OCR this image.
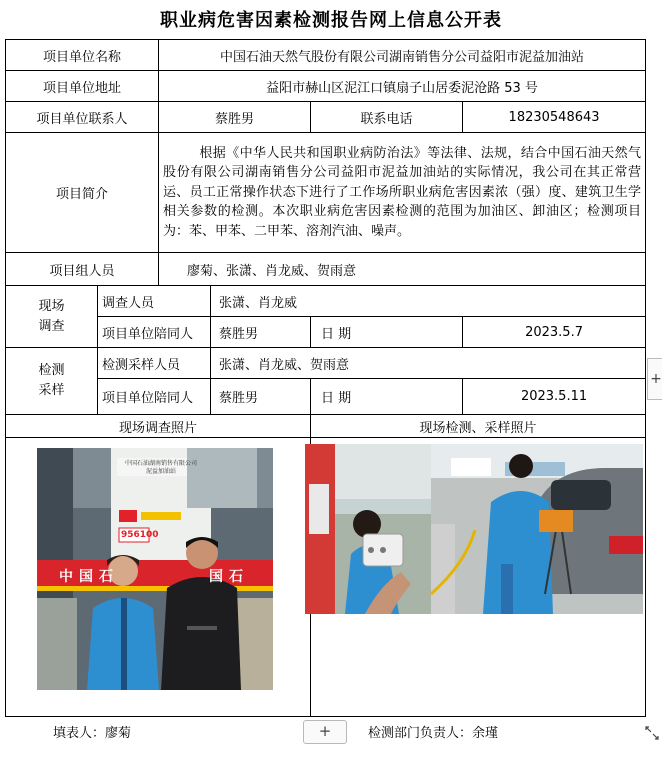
职业病危害因素检测报告网上信息公开表
项目单位名称		中国石油天然气股份有限公司湖南销售分公司益阳市泥益加油站			
项目单位地址		益阳市赫山区泥江口镇扇子山居委泥沧路 53 号			
项目单位联系人		蔡胜男		联系电话	18230548643
项目简介		根据《中华人民共和国职业病防治法》等法律、法规，结合中国石油天然气股份有限公司湖南销售分公司益阳市泥益加油站的实际情况，我公司在其正常营运、员工正常操作状态下进行了工作场所职业病危害因素浓（强）度、建筑卫生学相关参数的检测。本次职业病危害因素检测的范围为加油区、卸油区；检测项目为：苯、甲苯、二甲苯、溶剂汽油、噪声。			
项目组人员		廖菊、张潇、肖龙威、贺雨意			
现场调查	调查人员		张潇、肖龙威		
	项目单位陪同人		蔡胜男	日 期	2023.5.7
检测采样	检测采样人员		张潇、肖龙威、贺雨意		
	项目单位陪同人		蔡胜男	日 期	2023.5.11
现场调查照片				现场检测、采样照片	

中国石	国石
956100
中国石油湖南销售有限公司
泥益加油站
填表人：廖菊	检测部门负责人：余瑾
+
+
